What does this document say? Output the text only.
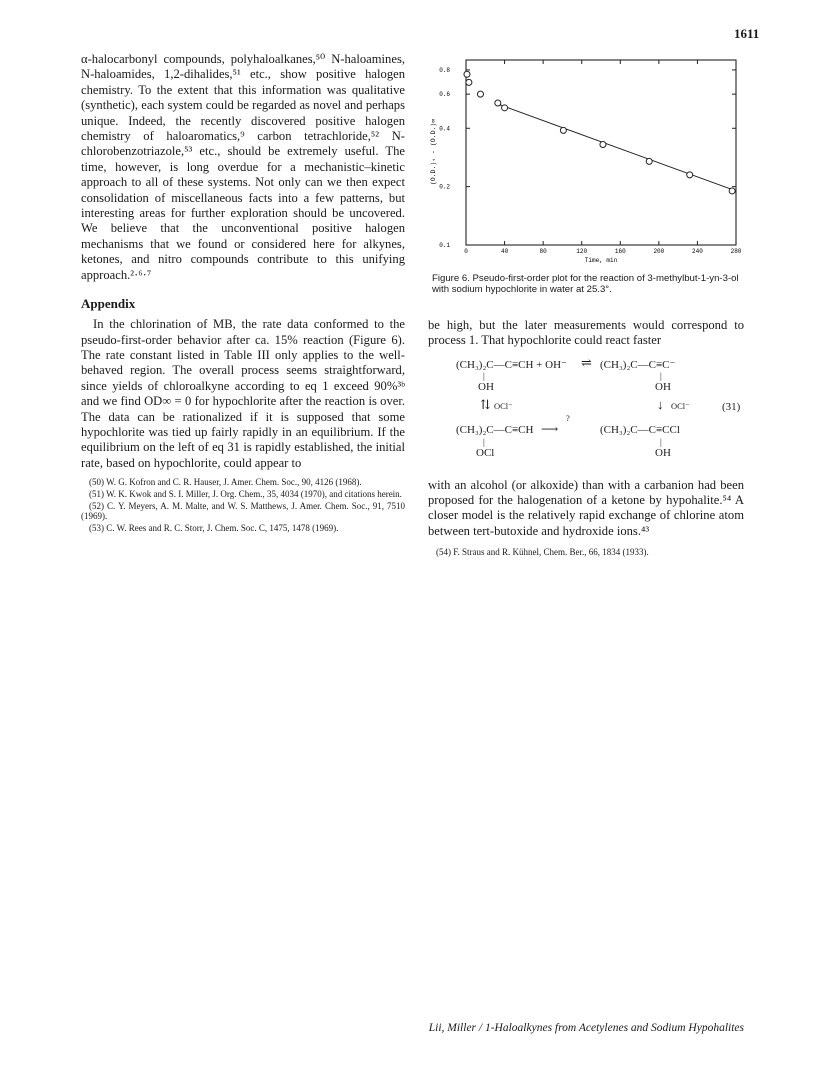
1611

α-halocarbonyl compounds, polyhaloalkanes,⁵⁰ N-haloamines, N-haloamides, 1,2-dihalides,⁵¹ etc., show positive halogen chemistry. To the extent that this information was qualitative (synthetic), each system could be regarded as novel and perhaps unique. Indeed, the recently discovered positive halogen chemistry of haloaromatics,⁹ carbon tetrachloride,⁵² N-chlorobenzotriazole,⁵³ etc., should be extremely useful. The time, however, is long overdue for a mechanistic–kinetic approach to all of these systems. Not only can we then expect consolidation of miscellaneous facts into a few patterns, but interesting areas for further exploration should be uncovered. We believe that the unconventional positive halogen mechanisms that we found or considered here for alkynes, ketones, and nitro compounds contribute to this unifying approach.²·⁶·⁷

Appendix

In the chlorination of MB, the rate data conformed to the pseudo-first-order behavior after ca. 15% reaction (Figure 6). The rate constant listed in Table III only applies to the well-behaved region. The overall process seems straightforward, since yields of chloroalkyne according to eq 1 exceed 90%³ᵇ and we find OD∞ = 0 for hypochlorite after the reaction is over. The data can be rationalized if it is supposed that some hypochlorite was tied up fairly rapidly in an equilibrium. If the equilibrium on the left of eq 31 is rapidly established, the initial rate, based on hypochlorite, could appear to

(50) W. G. Kofron and C. R. Hauser, J. Amer. Chem. Soc., 90, 4126 (1968).

(51) W. K. Kwok and S. I. Miller, J. Org. Chem., 35, 4034 (1970), and citations herein.

(52) C. Y. Meyers, A. M. Malte, and W. S. Matthews, J. Amer. Chem. Soc., 91, 7510 (1969).

(53) C. W. Rees and R. C. Storr, J. Chem. Soc. C, 1475, 1478 (1969).

0	40	80	120	160	200	240	280
0.8
0.6
0.4
0.2
0.1
Time, min
(O.D.)ₜ - (O.D.)∞
Figure 6. Pseudo-first-order plot for the reaction of 3-methylbut-1-yn-3-ol with sodium hypochlorite in water at 25.3°.

be high, but the later measurements would correspond to process 1. That hypochlorite could react faster

(CH₃)₂C—C≡CH + OH⁻ ⇌ (CH₃)₂C—C≡C⁻
|	|
OH	OH
⇅ OCl⁻	↓ OCl⁻
?
(31)
(CH₃)₂C—C≡CH ⟶	(CH₃)₂C—C≡CCl
|	|
OCl	OH

with an alcohol (or alkoxide) than with a carbanion had been proposed for the halogenation of a ketone by hypohalite.⁵⁴ A closer model is the relatively rapid exchange of chlorine atom between tert-butoxide and hydroxide ions.⁴³

(54) F. Straus and R. Kühnel, Chem. Ber., 66, 1834 (1933).

Lii, Miller / 1-Haloalkynes from Acetylenes and Sodium Hypohalites
